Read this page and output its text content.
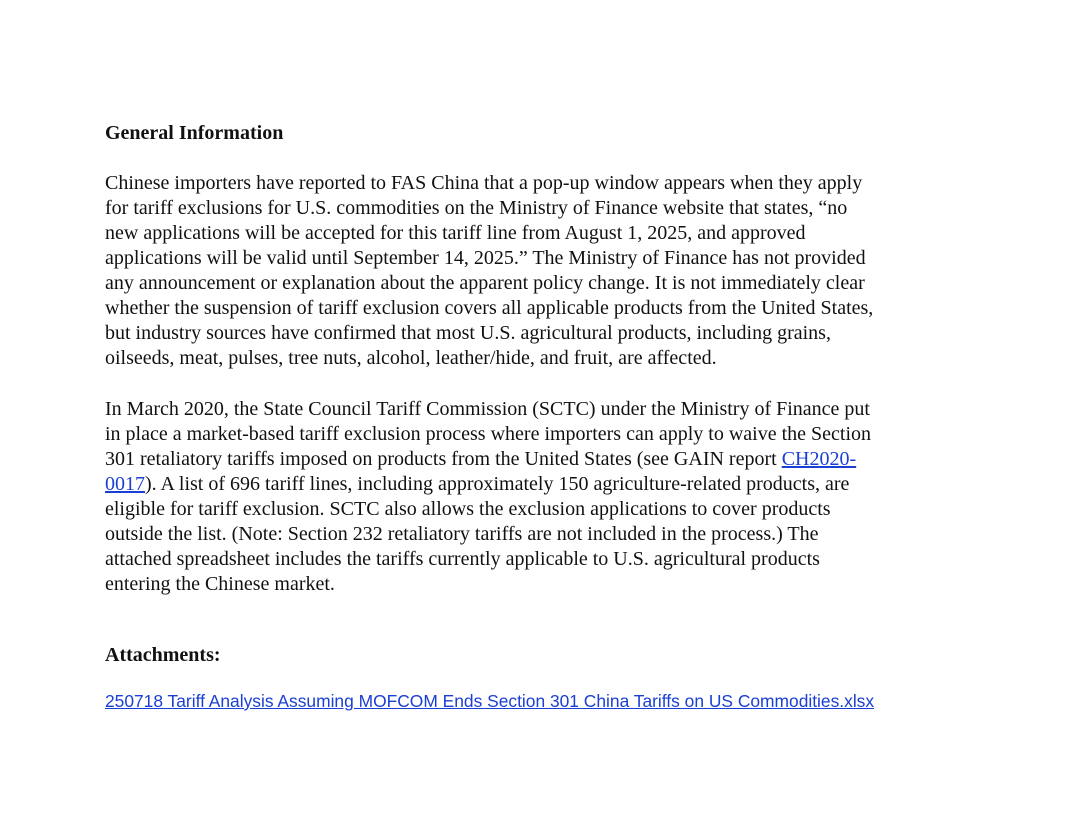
General Information

Chinese importers have reported to FAS China that a pop-up window appears when they apply
for tariff exclusions for U.S. commodities on the Ministry of Finance website that states, “no
new applications will be accepted for this tariff line from August 1, 2025, and approved
applications will be valid until September 14, 2025.” The Ministry of Finance has not provided
any announcement or explanation about the apparent policy change. It is not immediately clear
whether the suspension of tariff exclusion covers all applicable products from the United States,
but industry sources have confirmed that most U.S. agricultural products, including grains,
oilseeds, meat, pulses, tree nuts, alcohol, leather/hide, and fruit, are affected.

In March 2020, the State Council Tariff Commission (SCTC) under the Ministry of Finance put
in place a market-based tariff exclusion process where importers can apply to waive the Section
301 retaliatory tariffs imposed on products from the United States (see GAIN report CH2020-
0017). A list of 696 tariff lines, including approximately 150 agriculture-related products, are
eligible for tariff exclusion. SCTC also allows the exclusion applications to cover products
outside the list. (Note: Section 232 retaliatory tariffs are not included in the process.) The
attached spreadsheet includes the tariffs currently applicable to U.S. agricultural products
entering the Chinese market.

Attachments:
250718 Tariff Analysis Assuming MOFCOM Ends Section 301 China Tariffs on US Commodities.xlsx
